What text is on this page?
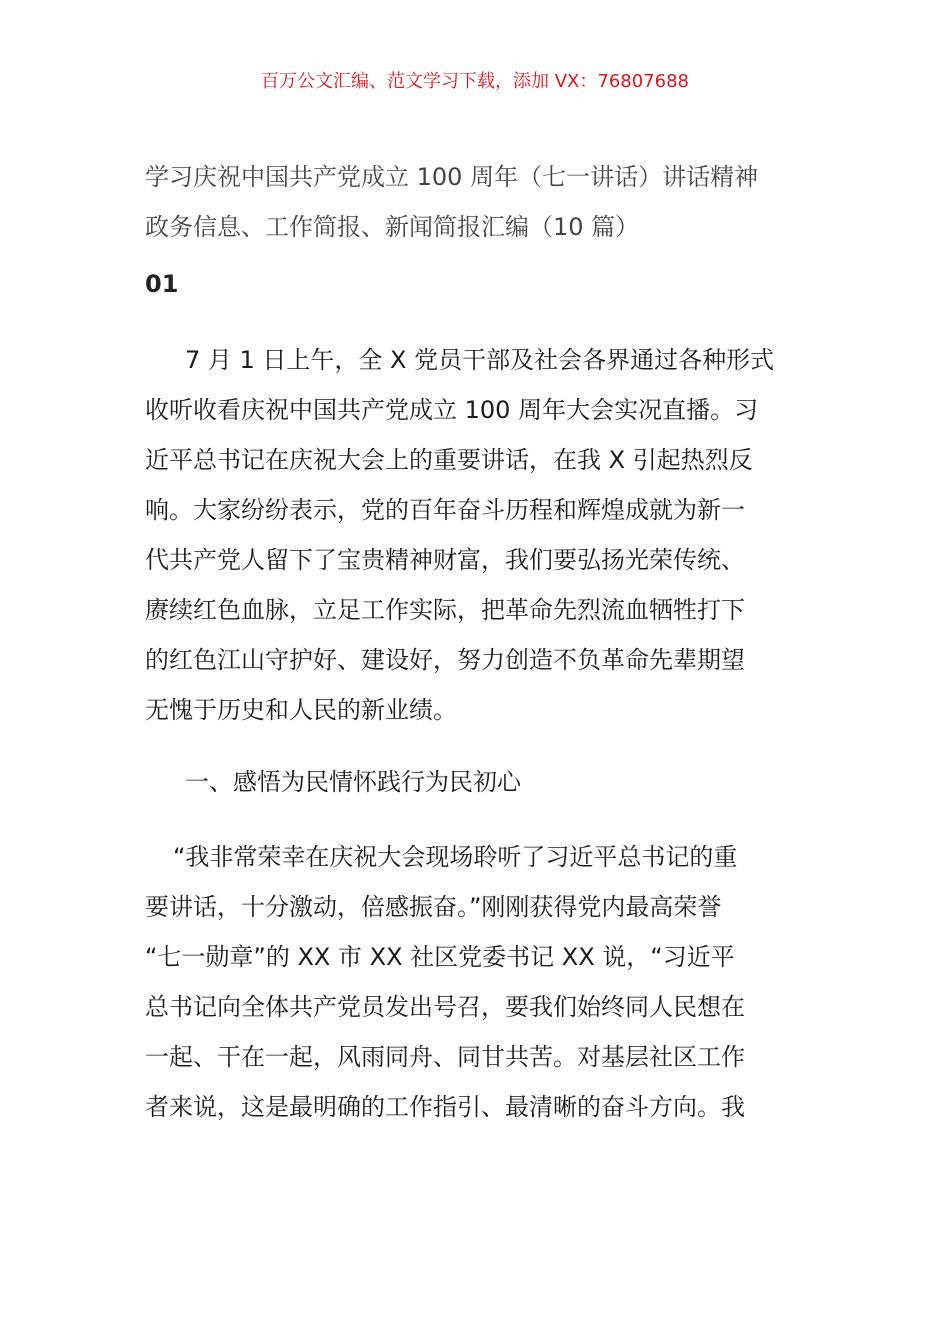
百万公文汇编、范文学习下载，添加 VX：76807688
学习庆祝中国共产党成立 100 周年（七一讲话）讲话精神
政务信息、工作简报、新闻简报汇编（10 篇）
01
7 月 1 日上午，全 X 党员干部及社会各界通过各种形式
收听收看庆祝中国共产党成立 100 周年大会实况直播。习
近平总书记在庆祝大会上的重要讲话，在我 X 引起热烈反
响。大家纷纷表示，党的百年奋斗历程和辉煌成就为新一
代共产党人留下了宝贵精神财富，我们要弘扬光荣传统、
赓续红色血脉，立足工作实际，把革命先烈流血牺牲打下
的红色江山守护好、建设好，努力创造不负革命先辈期望
无愧于历史和人民的新业绩。
一、感悟为民情怀践行为民初心
“我非常荣幸在庆祝大会现场聆听了习近平总书记的重
要讲话，十分激动，倍感振奋。”刚刚获得党内最高荣誉
“七一勋章”的 XX 市 XX 社区党委书记 XX 说，“习近平
总书记向全体共产党员发出号召，要我们始终同人民想在
一起、干在一起，风雨同舟、同甘共苦。对基层社区工作
者来说，这是最明确的工作指引、最清晰的奋斗方向。我
